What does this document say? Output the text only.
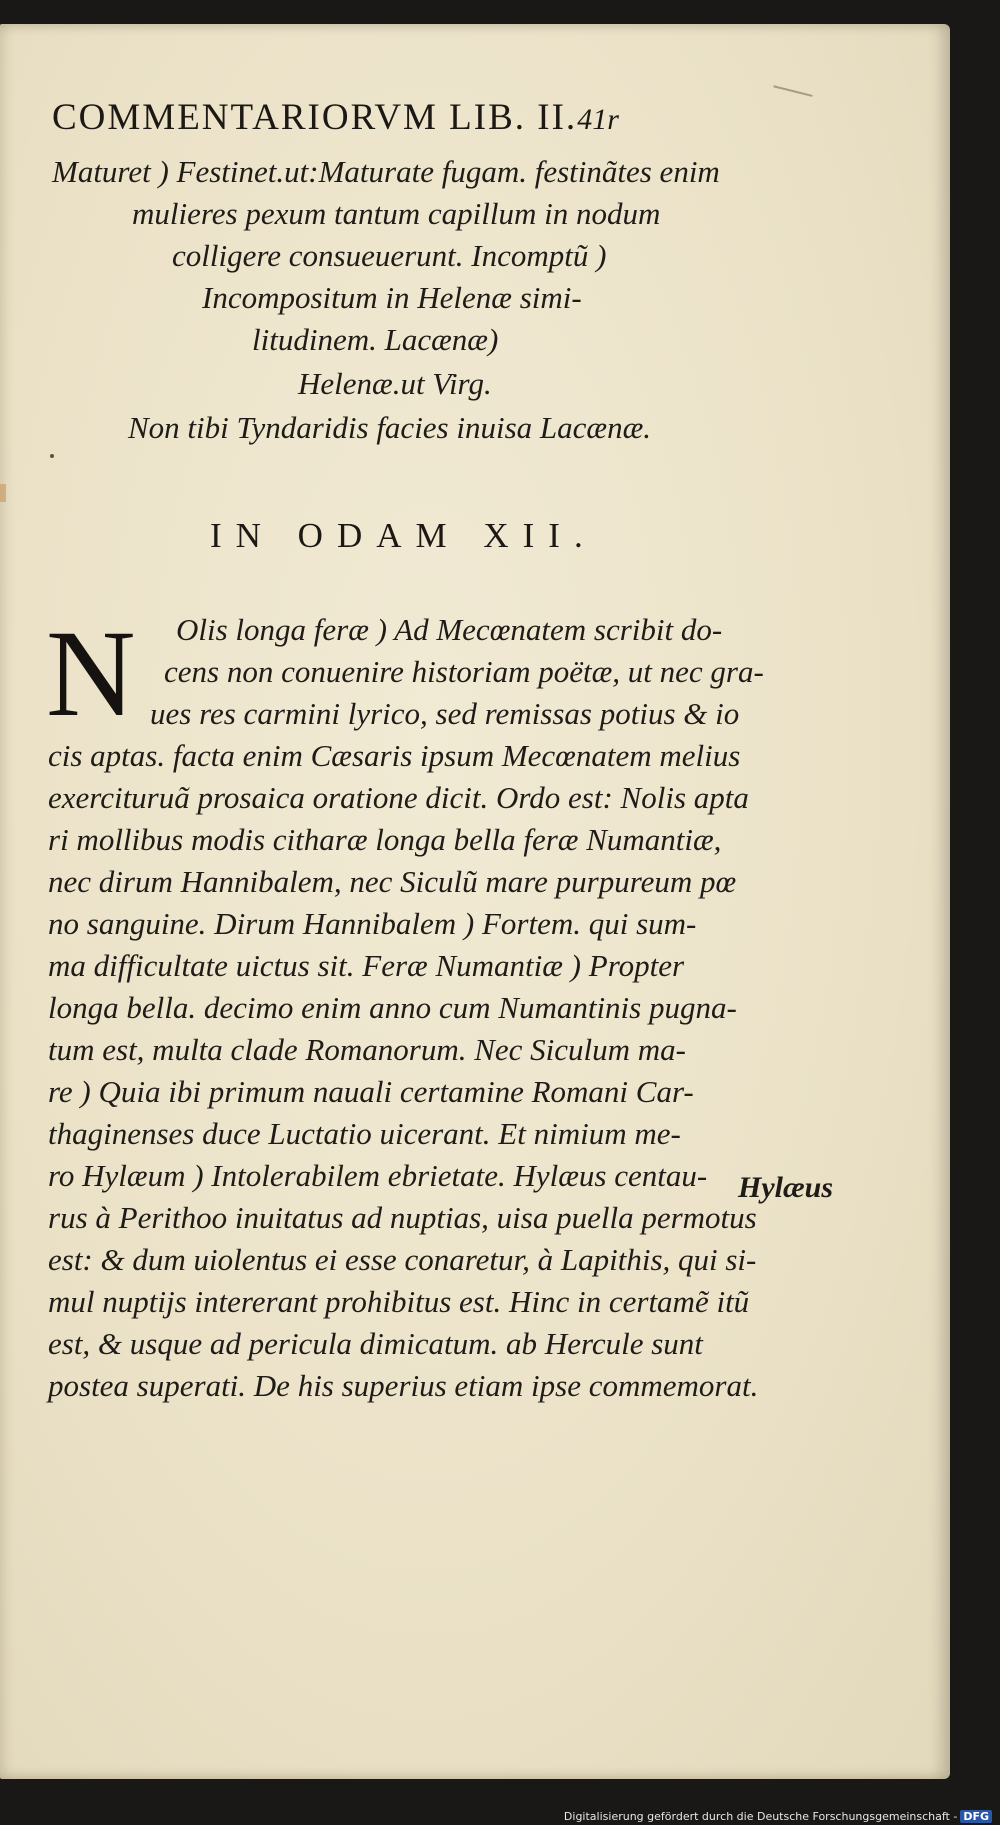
COMMENTARIORVM LIB. II.41r
Maturet ) Festinet.ut:Maturate fugam. festinãtes enim
mulieres pexum tantum capillum in nodum
colligere consueuerunt. Incomptũ )
Incompositum in Helenæ simi-
litudinem. Lacænæ)
Helenæ.ut Virg.
Non tibi Tyndaridis facies inuisa Lacænæ.
IN ODAM XII.
N Olis longa feræ ) Ad Mecœnatem scribit do-
cens non conuenire historiam poëtæ, ut nec gra-
ues res carmini lyrico, sed remissas potius & io
cis aptas. facta enim Cæsaris ipsum Mecœnatem melius
exercituruã prosaica oratione dicit. Ordo est: Nolis apta
ri mollibus modis citharæ longa bella feræ Numantiæ,
nec dirum Hannibalem, nec Siculũ mare purpureum pœ
no sanguine. Dirum Hannibalem ) Fortem. qui sum-
ma difficultate uictus sit. Feræ Numantiæ ) Propter
longa bella. decimo enim anno cum Numantinis pugna-
tum est, multa clade Romanorum. Nec Siculum ma-
re ) Quia ibi primum nauali certamine Romani Car-
thaginenses duce Luctatio uicerant. Et nimium me-
ro Hylæum ) Intolerabilem ebrietate. Hylæus centau-
rus à Perithoo inuitatus ad nuptias, uisa puella permotus
est: & dum uiolentus ei esse conaretur, à Lapithis, qui si-
mul nuptijs intererant prohibitus est. Hinc in certamẽ itũ
est, & usque ad pericula dimicatum. ab Hercule sunt
postea superati. De his superius etiam ipse commemorat.
Hylæus
Digitalisierung gefördert durch die Deutsche Forschungsgemeinschaft - DFG
